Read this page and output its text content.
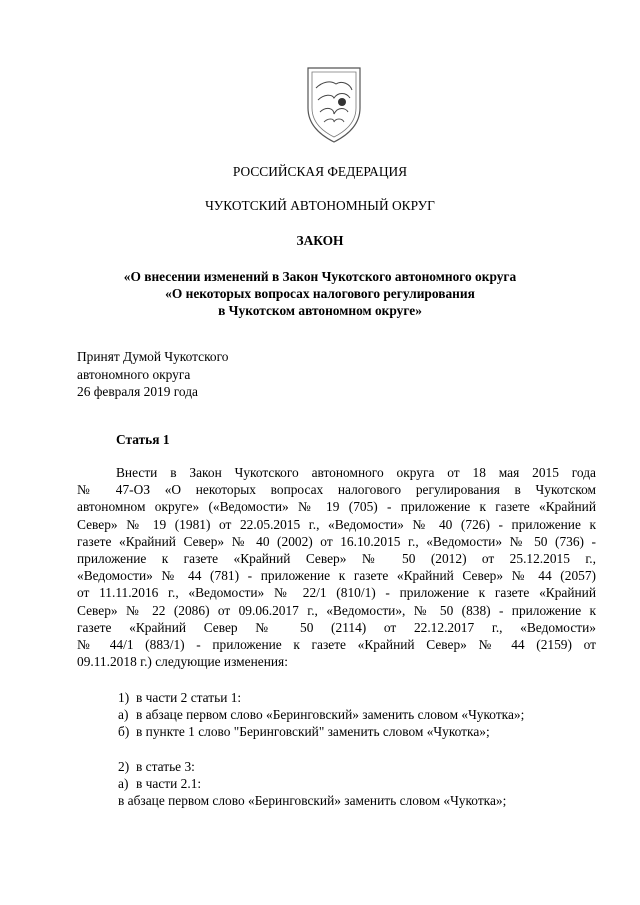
РОССИЙСКАЯ ФЕДЕРАЦИЯ
ЧУКОТСКИЙ АВТОНОМНЫЙ ОКРУГ
ЗАКОН
«О внесении изменений в Закон Чукотского автономного округа
«О некоторых вопросах налогового регулирования
в Чукотском автономном округе»
Принят Думой Чукотского
автономного округа
26 февраля 2019 года
Статья 1
Внести в Закон Чукотского автономного округа от 18 мая 2015 года
№ 47-ОЗ «О некоторых вопросах налогового регулирования в Чукотском
автономном округе» («Ведомости» № 19 (705) - приложение к газете «Крайний
Север» № 19 (1981) от 22.05.2015 г., «Ведомости» № 40 (726) - приложение к
газете «Крайний Север» № 40 (2002) от 16.10.2015 г., «Ведомости» № 50 (736) -
приложение к газете «Крайний Север» № 50 (2012) от 25.12.2015 г.,
«Ведомости» № 44 (781) - приложение к газете «Крайний Север» № 44 (2057)
от 11.11.2016 г., «Ведомости» № 22/1 (810/1) - приложение к газете «Крайний
Север» № 22 (2086) от 09.06.2017 г., «Ведомости», № 50 (838) - приложение к
газете «Крайний Север № 50 (2114) от 22.12.2017 г., «Ведомости»
№ 44/1 (883/1) - приложение к газете «Крайний Север» № 44 (2159) от
09.11.2018 г.) следующие изменения:
1) в части 2 статьи 1:
а) в абзаце первом слово «Беринговский» заменить словом «Чукотка»;
б) в пункте 1 слово "Беринговский" заменить словом «Чукотка»;
2) в статье 3:
а) в части 2.1:
в абзаце первом слово «Беринговский» заменить словом «Чукотка»;
